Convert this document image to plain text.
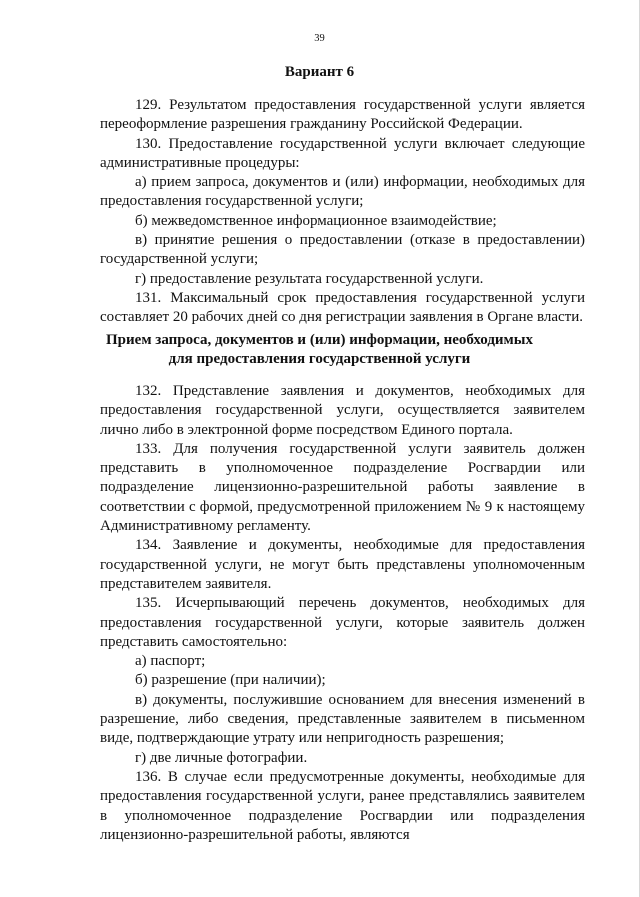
39
Вариант 6

129. Результатом предоставления государственной услуги является переоформление разрешения гражданину Российской Федерации.

130. Предоставление государственной услуги включает следующие административные процедуры:

а) прием запроса, документов и (или) информации, необходимых для предоставления государственной услуги;

б) межведомственное информационное взаимодействие;

в) принятие решения о предоставлении (отказе в предоставлении) государственной услуги;

г) предоставление результата государственной услуги.

131. Максимальный срок предоставления государственной услуги составляет 20 рабочих дней со дня регистрации заявления в Органе власти.

Прием запроса, документов и (или) информации, необходимых
для предоставления государственной услуги

132. Представление заявления и документов, необходимых для предоставления государственной услуги, осуществляется заявителем лично либо в электронной форме посредством Единого портала.

133. Для получения государственной услуги заявитель должен представить в уполномоченное подразделение Росгвардии или подразделение лицензионно-разрешительной работы заявление в соответствии с формой, предусмотренной приложением № 9 к настоящему Административному регламенту.

134. Заявление и документы, необходимые для предоставления государственной услуги, не могут быть представлены уполномоченным представителем заявителя.

135. Исчерпывающий перечень документов, необходимых для предоставления государственной услуги, которые заявитель должен представить самостоятельно:

а) паспорт;

б) разрешение (при наличии);

в) документы, послужившие основанием для внесения изменений в разрешение, либо сведения, представленные заявителем в письменном виде, подтверждающие утрату или непригодность разрешения;

г) две личные фотографии.

136. В случае если предусмотренные документы, необходимые для предоставления государственной услуги, ранее представлялись заявителем в уполномоченное подразделение Росгвардии или подразделения лицензионно-разрешительной работы, являются
